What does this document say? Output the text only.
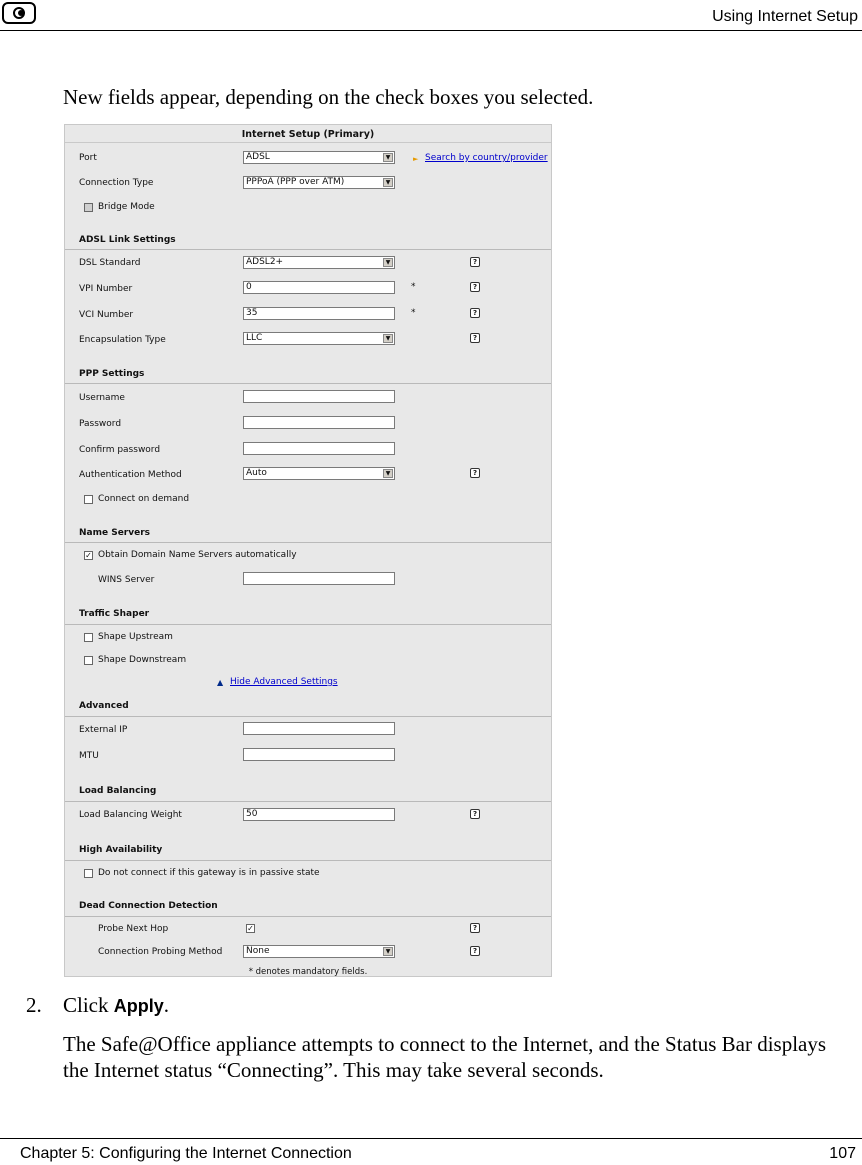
Using Internet Setup
New fields appear, depending on the check boxes you selected.
Internet Setup (Primary)
Port	ADSL	▼	► Search by country/provider
Connection Type	PPPoA (PPP over ATM)	▼
Bridge Mode
ADSL Link Settings
DSL Standard	ADSL2+	▼	?
VPI Number	0	*	?
VCI Number	35	*	?
Encapsulation Type	LLC	▼	?
PPP Settings
Username
Password
Confirm password
Authentication Method	Auto	▼	?
Connect on demand
Name Servers
✓ Obtain Domain Name Servers automatically
WINS Server
Traffic Shaper
Shape Upstream
Shape Downstream
▲ Hide Advanced Settings
Advanced
External IP
MTU
Load Balancing
Load Balancing Weight	50	?
High Availability
Do not connect if this gateway is in passive state
Dead Connection Detection
Probe Next Hop	✓	?
Connection Probing Method	None	▼	?
* denotes mandatory fields.
2. Click Apply.
The Safe@Office appliance attempts to connect to the Internet, and the Status Bar displays the Internet status “Connecting”. This may take several seconds.
Chapter 5: Configuring the Internet Connection	107
